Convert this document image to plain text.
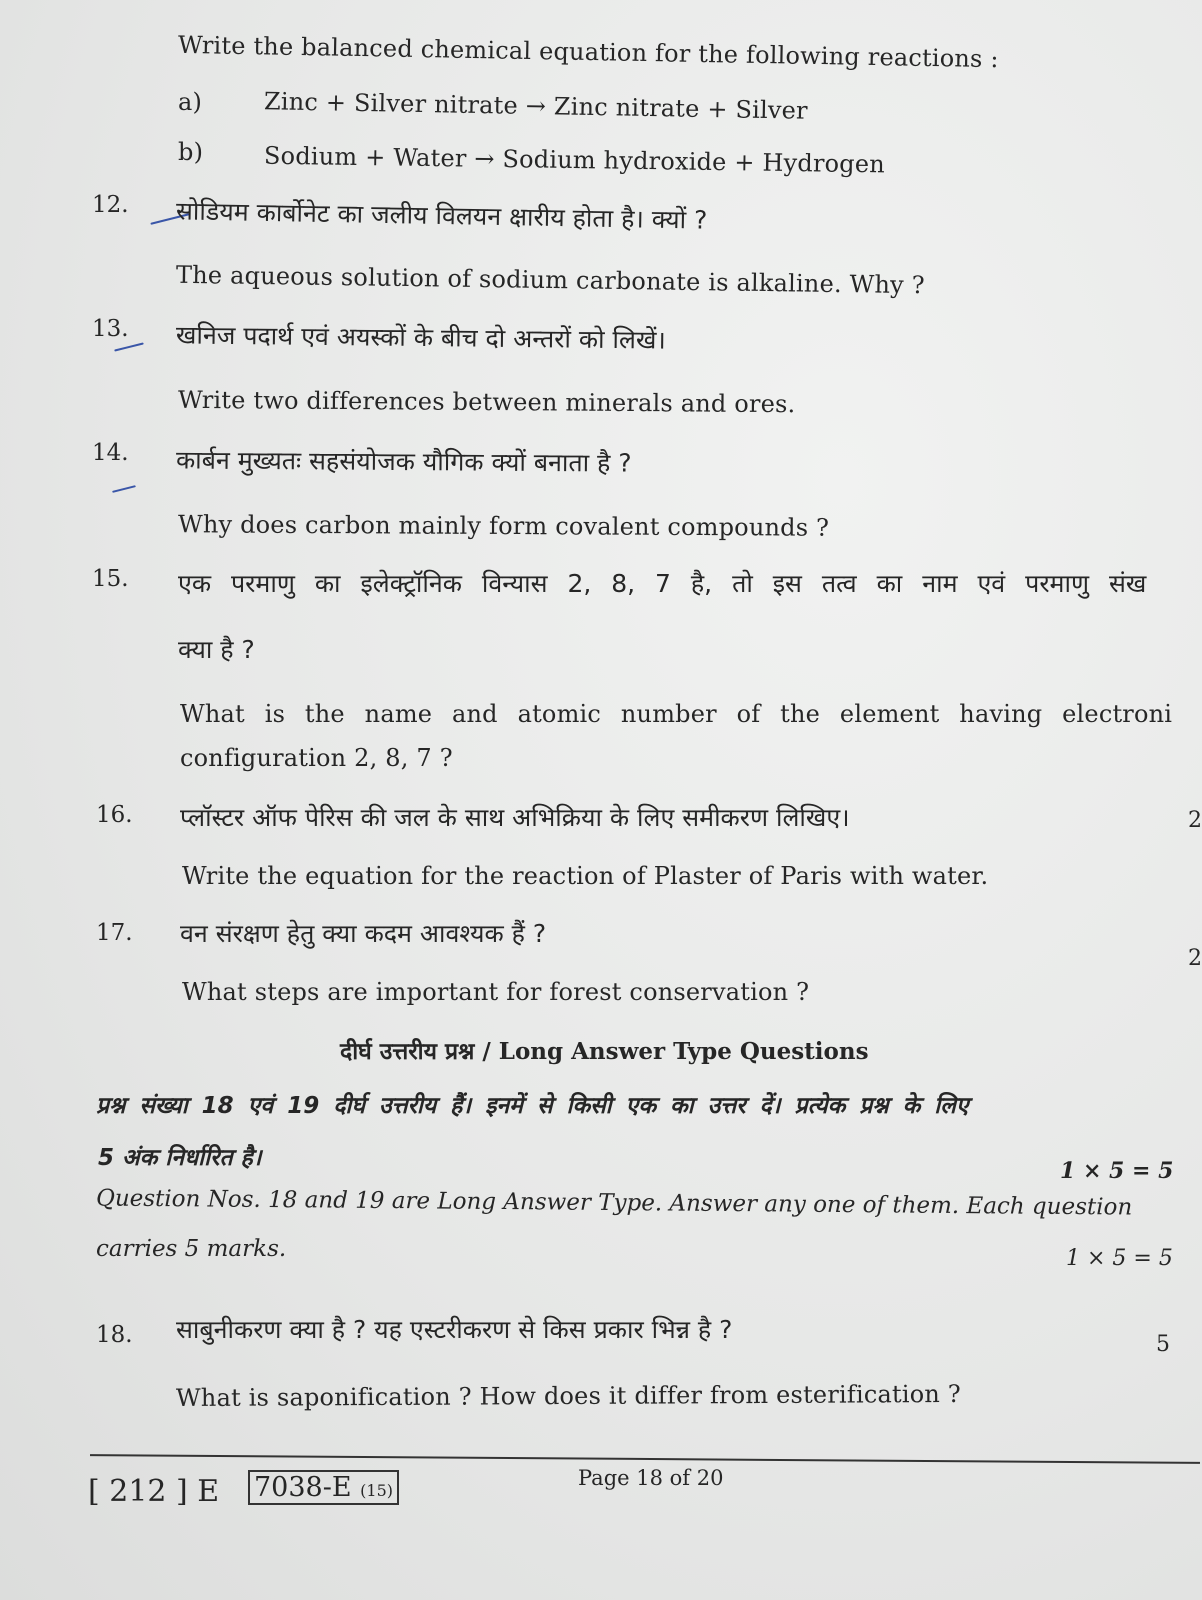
Write the balanced chemical equation for the following reactions :
a)	Zinc + Silver nitrate → Zinc nitrate + Silver
b)	Sodium + Water → Sodium hydroxide + Hydrogen
12. सोडियम कार्बोनेट का जलीय विलयन क्षारीय होता है। क्यों ?
The aqueous solution of sodium carbonate is alkaline. Why ?
13. खनिज पदार्थ एवं अयस्कों के बीच दो अन्तरों को लिखें।
Write two differences between minerals and ores.
14. कार्बन मुख्यतः सहसंयोजक यौगिक क्यों बनाता है ?
Why does carbon mainly form covalent compounds ?
15. एक परमाणु का इलेक्ट्रॉनिक विन्यास 2, 8, 7 है, तो इस तत्व का नाम एवं परमाणु संख
क्या है ?
What is the name and atomic number of the element having electroni
configuration 2, 8, 7 ?
16. प्लॉस्टर ऑफ पेरिस की जल के साथ अभिक्रिया के लिए समीकरण लिखिए।	2
Write the equation for the reaction of Plaster of Paris with water.
17. वन संरक्षण हेतु क्या कदम आवश्यक हैं ?
2
What steps are important for forest conservation ?
दीर्घ उत्तरीय प्रश्न / Long Answer Type Questions
प्रश्न संख्या 18 एवं 19 दीर्घ उत्तरीय हैं। इनमें से किसी एक का उत्तर दें। प्रत्येक प्रश्न के लिए
5 अंक निर्धारित है।	1 × 5 = 5
Question Nos. 18 and 19 are Long Answer Type. Answer any one of them. Each question
carries 5 marks.	1 × 5 = 5
18. साबुनीकरण क्या है ? यह एस्टरीकरण से किस प्रकार भिन्न है ?
5
What is saponification ? How does it differ from esterification ?
[ 212 ] E 7038-E (15)
Page 18 of 20
